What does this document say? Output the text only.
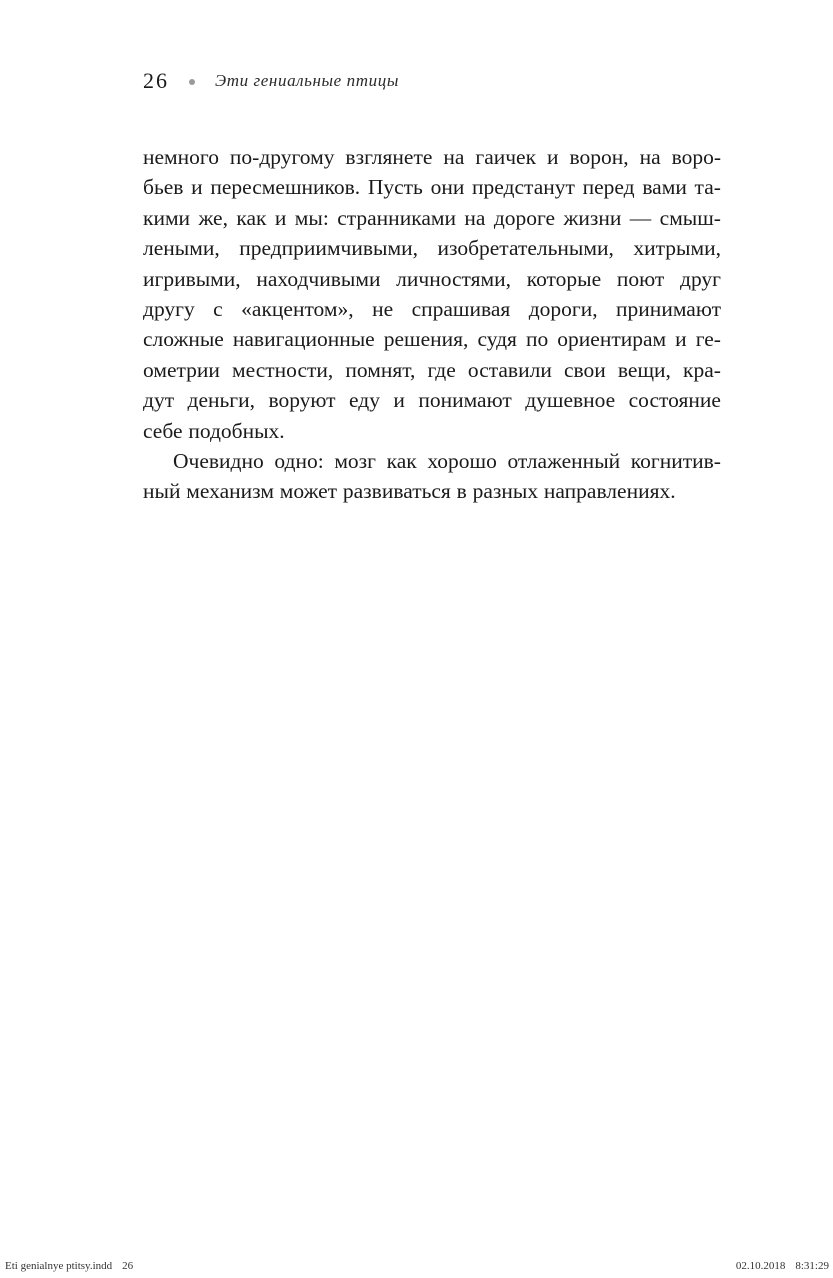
26	Эти гениальные птицы
немного по-другому взглянете на гаичек и ворон, на воро-
бьев и пересмешников. Пусть они предстанут перед вами та-
кими же, как и мы: странниками на дороге жизни — смыш-
леными, предприимчивыми, изобретательными, хитрыми,
игривыми, находчивыми личностями, которые поют друг
другу с «акцентом», не спрашивая дороги, принимают
сложные навигационные решения, судя по ориентирам и ге-
ометрии местности, помнят, где оставили свои вещи, кра-
дут деньги, воруют еду и понимают душевное состояние
себе подобных.
Очевидно одно: мозг как хорошо отлаженный когнитив-
ный механизм может развиваться в разных направлениях.
Eti genialnye ptitsy.indd 26	02.10.2018 8:31:29
